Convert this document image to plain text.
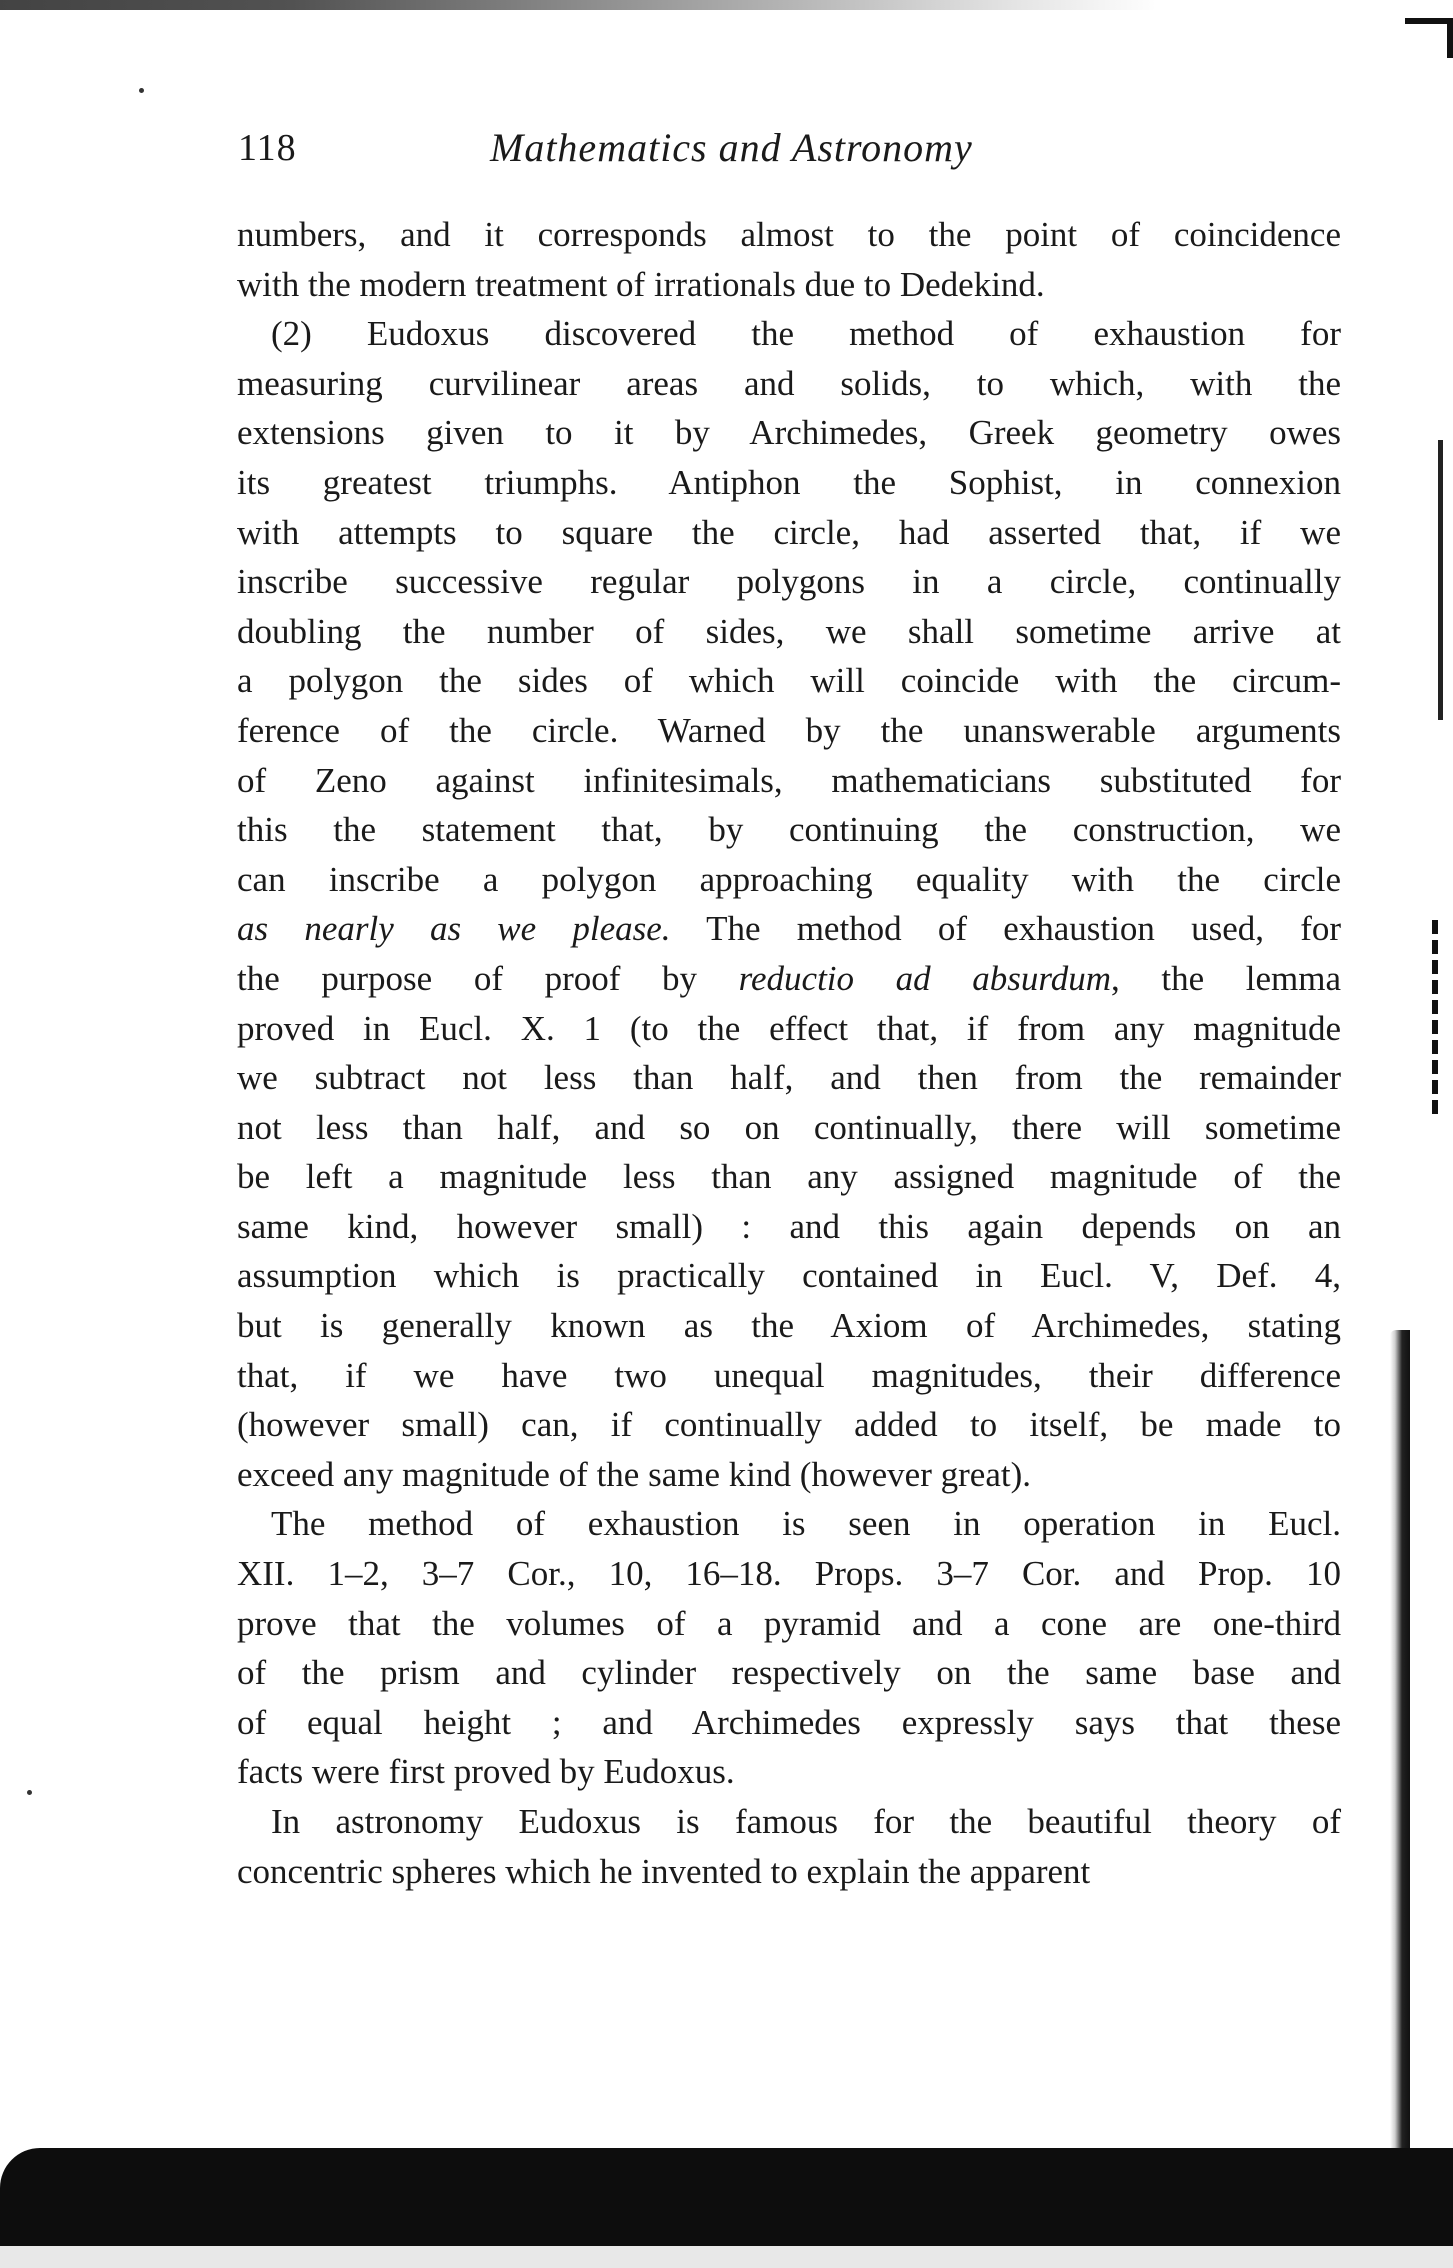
118	Mathematics and Astronomy
numbers, and it corresponds almost to the point of coincidence
with the modern treatment of irrationals due to Dedekind.
(2) Eudoxus discovered the method of exhaustion for
measuring curvilinear areas and solids, to which, with the
extensions given to it by Archimedes, Greek geometry owes
its greatest triumphs. Antiphon the Sophist, in connexion
with attempts to square the circle, had asserted that, if we
inscribe successive regular polygons in a circle, continually
doubling the number of sides, we shall sometime arrive at
a polygon the sides of which will coincide with the circum-
ference of the circle. Warned by the unanswerable arguments
of Zeno against infinitesimals, mathematicians substituted for
this the statement that, by continuing the construction, we
can inscribe a polygon approaching equality with the circle
as nearly as we please. The method of exhaustion used, for
the purpose of proof by reductio ad absurdum, the lemma
proved in Eucl. X. 1 (to the effect that, if from any magnitude
we subtract not less than half, and then from the remainder
not less than half, and so on continually, there will sometime
be left a magnitude less than any assigned magnitude of the
same kind, however small) : and this again depends on an
assumption which is practically contained in Eucl. V, Def. 4,
but is generally known as the Axiom of Archimedes, stating
that, if we have two unequal magnitudes, their difference
(however small) can, if continually added to itself, be made to
exceed any magnitude of the same kind (however great).
The method of exhaustion is seen in operation in Eucl.
XII. 1–2, 3–7 Cor., 10, 16–18. Props. 3–7 Cor. and Prop. 10
prove that the volumes of a pyramid and a cone are one-third
of the prism and cylinder respectively on the same base and
of equal height ; and Archimedes expressly says that these
facts were first proved by Eudoxus.
In astronomy Eudoxus is famous for the beautiful theory of
concentric spheres which he invented to explain the apparent
